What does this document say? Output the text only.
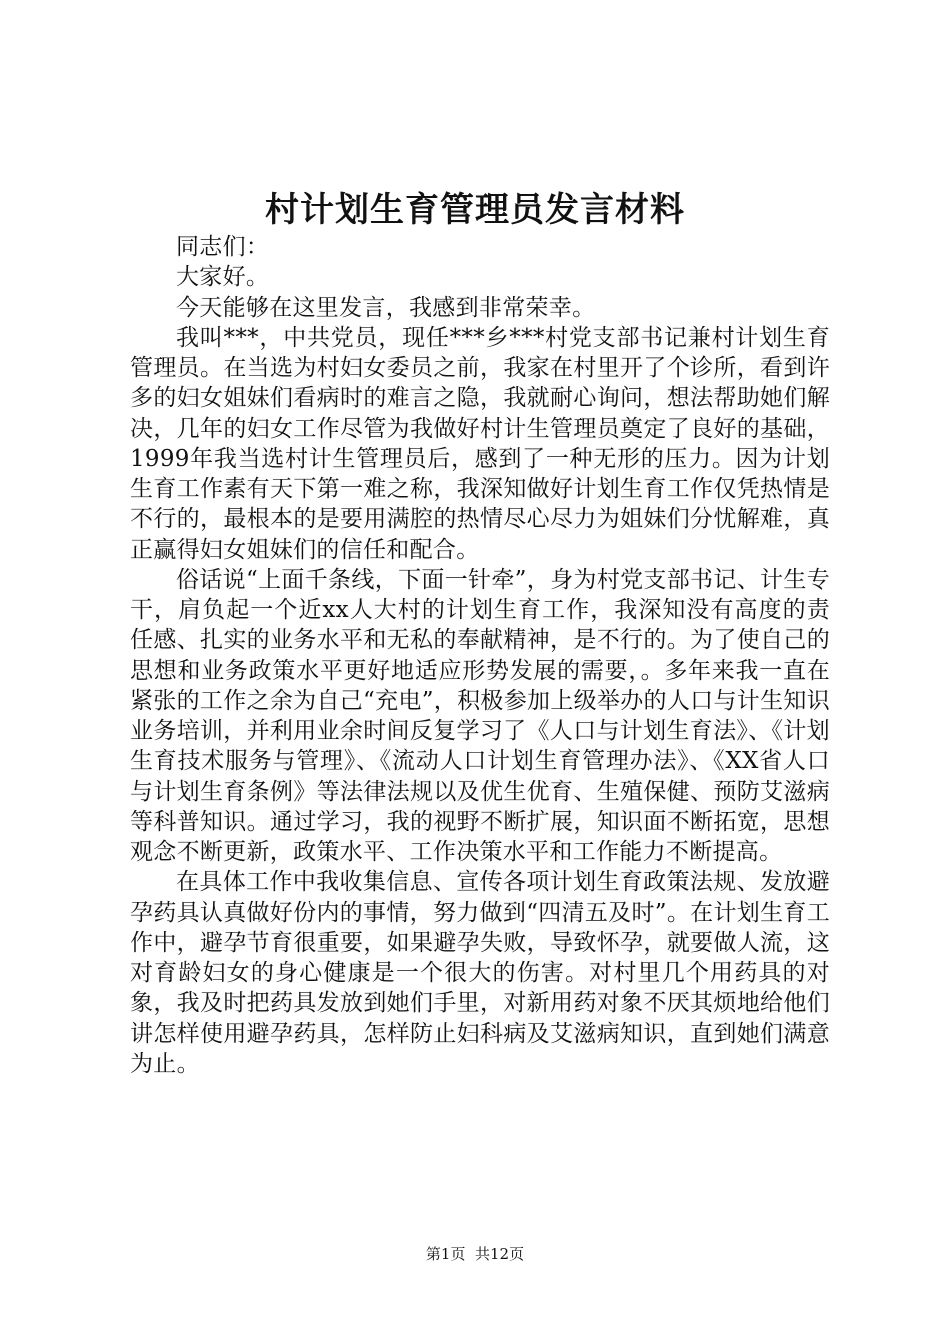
村计划生育管理员发言材料

同志们：

大家好。

今天能够在这里发言，我感到非常荣幸。

我叫***，中共党员，现任***乡***村党支部书记兼村计划生育管理员。在当选为村妇女委员之前，我家在村里开了个诊所，看到许多的妇女姐妹们看病时的难言之隐，我就耐心询问，想法帮助她们解决，几年的妇女工作尽管为我做好村计生管理员奠定了良好的基础，1999年我当选村计生管理员后，感到了一种无形的压力。因为计划生育工作素有天下第一难之称，我深知做好计划生育工作仅凭热情是不行的，最根本的是要用满腔的热情尽心尽力为姐妹们分忧解难，真正赢得妇女姐妹们的信任和配合。

俗话说“上面千条线，下面一针牵”，身为村党支部书记、计生专干，肩负起一个近xx人大村的计划生育工作，我深知没有高度的责任感、扎实的业务水平和无私的奉献精神，是不行的。为了使自己的思想和业务政策水平更好地适应形势发展的需要，。多年来我一直在紧张的工作之余为自己“充电”，积极参加上级举办的人口与计生知识业务培训，并利用业余时间反复学习了《人口与计划生育法》、《计划生育技术服务与管理》、《流动人口计划生育管理办法》、《XX省人口与计划生育条例》等法律法规以及优生优育、生殖保健、预防艾滋病等科普知识。通过学习，我的视野不断扩展，知识面不断拓宽，思想观念不断更新，政策水平、工作决策水平和工作能力不断提高。

在具体工作中我收集信息、宣传各项计划生育政策法规、发放避孕药具认真做好份内的事情，努力做到“四清五及时”。在计划生育工作中，避孕节育很重要，如果避孕失败，导致怀孕，就要做人流，这对育龄妇女的身心健康是一个很大的伤害。对村里几个用药具的对象，我及时把药具发放到她们手里，对新用药对象不厌其烦地给他们讲怎样使用避孕药具，怎样防止妇科病及艾滋病知识，直到她们满意为止。

第1页 共12页
